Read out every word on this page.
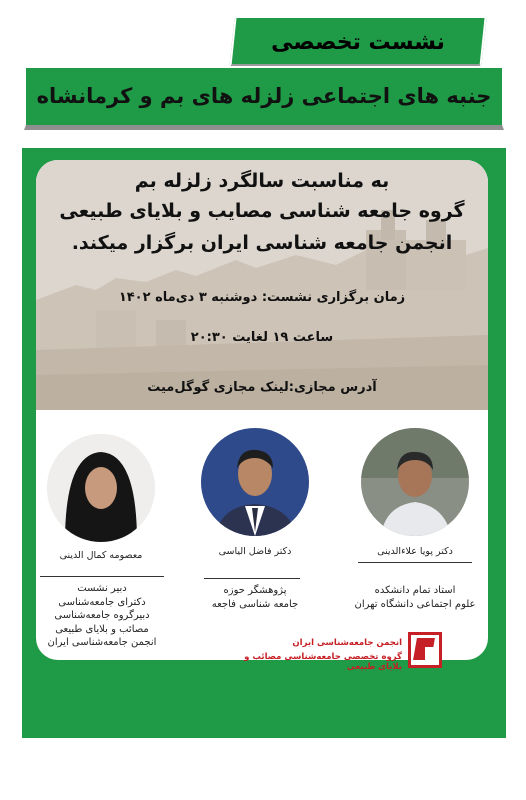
نشست تخصصی
جنبه های اجتماعی زلزله های بم و کرمانشاه
به مناسبت سالگرد زلزله بم
گروه جامعه شناسی مصایب و بلایای طبیعی
انجمن جامعه شناسی ایران برگزار میکند.
زمان برگزاری نشست: دوشنبه ۳ دی‌ماه ۱۴۰۲
ساعت ۱۹ لغایت ۲۰:۳۰
آدرس مجازی:لینک مجازی گوگل‌میت
دکتر پویا علاءالدینی
استاد تمام دانشکده
علوم اجتماعی دانشگاه تهران
دکتر فاضل الیاسی
پژوهشگر حوزه
جامعه شناسی فاجعه
معصومه کمال الدینی
دبیر نشست
دکترای جامعه‌شناسی
دبیرگروه جامعه‌شناسی
مصائب و بلایای طبیعی
انجمن جامعه‌شناسی ایران	انجمن جامعه‌شناسی ایران
گروه تخصصی جامعه‌شناسی مصائب و بلایای طبیعی
